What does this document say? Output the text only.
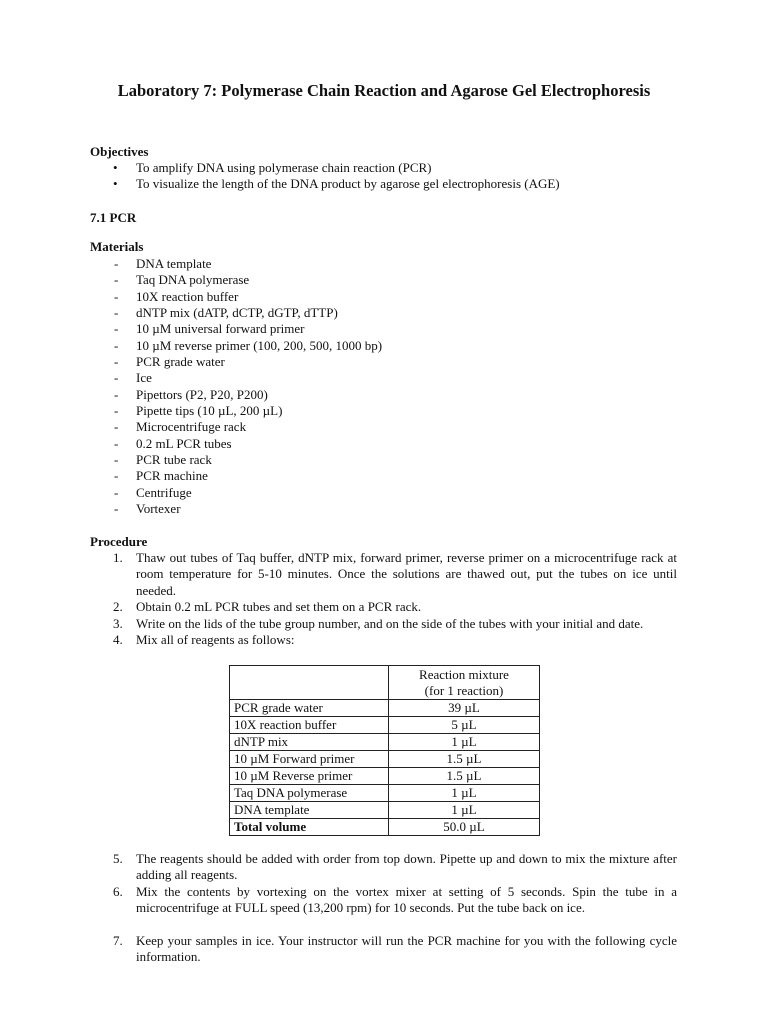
Laboratory 7: Polymerase Chain Reaction and Agarose Gel Electrophoresis

Objectives

• To amplify DNA using polymerase chain reaction (PCR)
• To visualize the length of the DNA product by agarose gel electrophoresis (AGE)

7.1 PCR

Materials

- DNA template
- Taq DNA polymerase
- 10X reaction buffer
- dNTP mix (dATP, dCTP, dGTP, dTTP)
- 10 µM universal forward primer
- 10 µM reverse primer (100, 200, 500, 1000 bp)
- PCR grade water
- Ice
- Pipettors (P2, P20, P200)
- Pipette tips (10 µL, 200 µL)
- Microcentrifuge rack
- 0.2 mL PCR tubes
- PCR tube rack
- PCR machine
- Centrifuge
- Vortexer

Procedure

1. Thaw out tubes of Taq buffer, dNTP mix, forward primer, reverse primer on a microcentrifuge rack at room temperature for 5-10 minutes. Once the solutions are thawed out, put the tubes on ice until needed.
2. Obtain 0.2 mL PCR tubes and set them on a PCR rack.
3. Write on the lids of the tube group number, and on the side of the tubes with your initial and date.
4. Mix all of reagents as follows:
	Reaction mixture
(for 1 reaction)
PCR grade water	39 µL
10X reaction buffer	5 µL
dNTP mix	1 µL
10 µM Forward primer	1.5 µL
10 µM Reverse primer	1.5 µL
Taq DNA polymerase	1 µL
DNA template	1 µL
Total volume	50.0 µL
5. The reagents should be added with order from top down. Pipette up and down to mix the mixture after adding all reagents.
6. Mix the contents by vortexing on the vortex mixer at setting of 5 seconds. Spin the tube in a microcentrifuge at FULL speed (13,200 rpm) for 10 seconds. Put the tube back on ice.
7. Keep your samples in ice. Your instructor will run the PCR machine for you with the following cycle information.
